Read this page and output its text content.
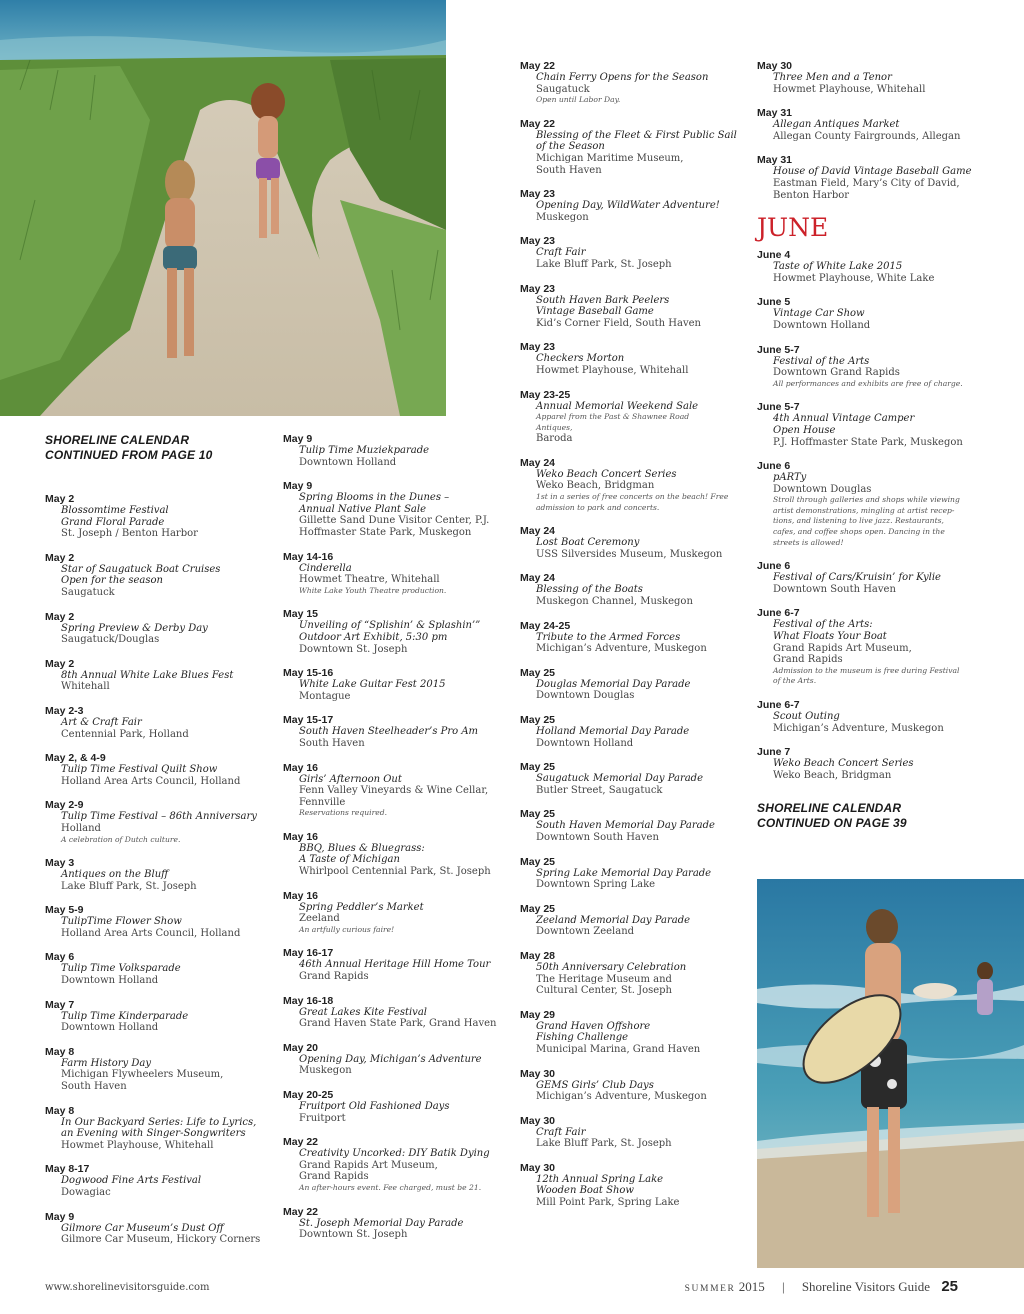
SHORELINE CALENDAR CONTINUED FROM PAGE 10
May 2
Blossomtime Festival
Grand Floral Parade
St. Joseph / Benton Harbor
May 2
Star of Saugatuck Boat Cruises
Open for the season
Saugatuck
May 2
Spring Preview & Derby Day
Saugatuck/Douglas
May 2
8th Annual White Lake Blues Fest
Whitehall
May 2-3
Art & Craft Fair
Centennial Park, Holland
May 2, & 4-9
Tulip Time Festival Quilt Show
Holland Area Arts Council, Holland
May 2-9
Tulip Time Festival – 86th Anniversary
Holland
A celebration of Dutch culture.
May 3
Antiques on the Bluff
Lake Bluff Park, St. Joseph
May 5-9
TulipTime Flower Show
Holland Area Arts Council, Holland
May 6
Tulip Time Volksparade
Downtown Holland
May 7
Tulip Time Kinderparade
Downtown Holland
May 8
Farm History Day
Michigan Flywheelers Museum,
South Haven
May 8
In Our Backyard Series: Life to Lyrics,
an Evening with Singer-Songwriters
Howmet Playhouse, Whitehall
May 8-17
Dogwood Fine Arts Festival
Dowagiac
May 9
Gilmore Car Museum’s Dust Off
Gilmore Car Museum, Hickory Corners
May 9
Tulip Time Muziekparade
Downtown Holland
May 9
Spring Blooms in the Dunes –
Annual Native Plant Sale
Gillette Sand Dune Visitor Center, P.J.
Hoffmaster State Park, Muskegon
May 14-16
Cinderella
Howmet Theatre, Whitehall
White Lake Youth Theatre production.
May 15
Unveiling of “Splishin’ & Splashin’”
Outdoor Art Exhibit, 5:30 pm
Downtown St. Joseph
May 15-16
White Lake Guitar Fest 2015
Montague
May 15-17
South Haven Steelheader’s Pro Am
South Haven
May 16
Girls’ Afternoon Out
Fenn Valley Vineyards & Wine Cellar,
Fennville
Reservations required.
May 16
BBQ, Blues & Bluegrass:
A Taste of Michigan
Whirlpool Centennial Park, St. Joseph
May 16
Spring Peddler’s Market
Zeeland
An artfully curious faire!
May 16-17
46th Annual Heritage Hill Home Tour
Grand Rapids
May 16-18
Great Lakes Kite Festival
Grand Haven State Park, Grand Haven
May 20
Opening Day, Michigan’s Adventure
Muskegon
May 20-25
Fruitport Old Fashioned Days
Fruitport
May 22
Creativity Uncorked: DIY Batik Dying
Grand Rapids Art Museum,
Grand Rapids
An after-hours event. Fee charged, must be 21.
May 22
St. Joseph Memorial Day Parade
Downtown St. Joseph
May 22
Chain Ferry Opens for the Season
Saugatuck
Open until Labor Day.
May 22
Blessing of the Fleet & First Public Sail
of the Season
Michigan Maritime Museum,
South Haven
May 23
Opening Day, WildWater Adventure!
Muskegon
May 23
Craft Fair
Lake Bluff Park, St. Joseph
May 23
South Haven Bark Peelers
Vintage Baseball Game
Kid’s Corner Field, South Haven
May 23
Checkers Morton
Howmet Playhouse, Whitehall
May 23-25
Annual Memorial Weekend Sale
Apparel from the Past & Shawnee Road
Antiques,
Baroda
May 24
Weko Beach Concert Series
Weko Beach, Bridgman
1st in a series of free concerts on the beach! Free
admission to park and concerts.
May 24
Lost Boat Ceremony
USS Silversides Museum, Muskegon
May 24
Blessing of the Boats
Muskegon Channel, Muskegon
May 24-25
Tribute to the Armed Forces
Michigan’s Adventure, Muskegon
May 25
Douglas Memorial Day Parade
Downtown Douglas
May 25
Holland Memorial Day Parade
Downtown Holland
May 25
Saugatuck Memorial Day Parade
Butler Street, Saugatuck
May 25
South Haven Memorial Day Parade
Downtown South Haven
May 25
Spring Lake Memorial Day Parade
Downtown Spring Lake
May 25
Zeeland Memorial Day Parade
Downtown Zeeland
May 28
50th Anniversary Celebration
The Heritage Museum and
Cultural Center, St. Joseph
May 29
Grand Haven Offshore
Fishing Challenge
Municipal Marina, Grand Haven
May 30
GEMS Girls’ Club Days
Michigan’s Adventure, Muskegon
May 30
Craft Fair
Lake Bluff Park, St. Joseph
May 30
12th Annual Spring Lake
Wooden Boat Show
Mill Point Park, Spring Lake
May 30
Three Men and a Tenor
Howmet Playhouse, Whitehall
May 31
Allegan Antiques Market
Allegan County Fairgrounds, Allegan
May 31
House of David Vintage Baseball Game
Eastman Field, Mary’s City of David,
Benton Harbor
JUNE
June 4
Taste of White Lake 2015
Howmet Playhouse, White Lake
June 5
Vintage Car Show
Downtown Holland
June 5-7
Festival of the Arts
Downtown Grand Rapids
All performances and exhibits are free of charge.
June 5-7
4th Annual Vintage Camper
Open House
P.J. Hoffmaster State Park, Muskegon
June 6
pARTy
Downtown Douglas
Stroll through galleries and shops while viewing
artist demonstrations, mingling at artist recep-
tions, and listening to live jazz. Restaurants,
cafes, and coffee shops open. Dancing in the
streets is allowed!
June 6
Festival of Cars/Kruisin’ for Kylie
Downtown South Haven
June 6-7
Festival of the Arts:
What Floats Your Boat
Grand Rapids Art Museum,
Grand Rapids
Admission to the museum is free during Festival
of the Arts.
June 6-7
Scout Outing
Michigan’s Adventure, Muskegon
June 7
Weko Beach Concert Series
Weko Beach, Bridgman
SHORELINE CALENDAR CONTINUED ON PAGE 39
www.shorelinevisitorsguide.com	SUMMER 2015 | Shoreline Visitors Guide 25
